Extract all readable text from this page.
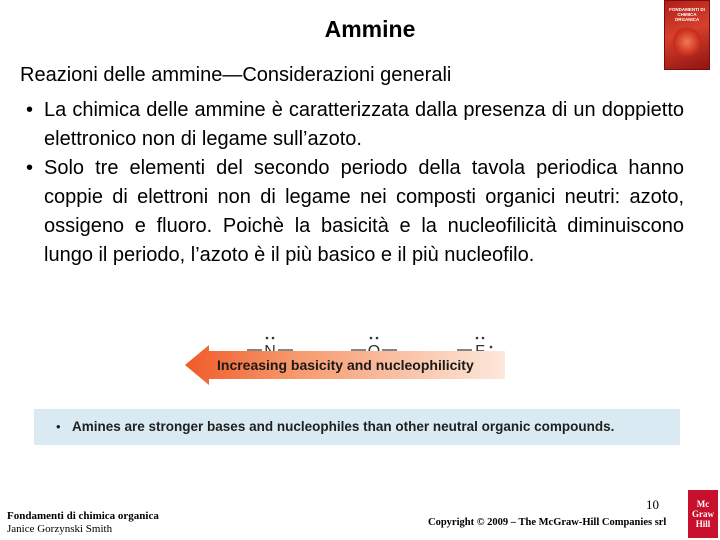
Ammine
FONDAMENTI DI CHIMICA ORGANICA
Reazioni delle ammine—Considerazioni generali
• La chimica delle ammine è caratterizzata dalla presenza di un doppietto elettronico non di legame sull’azoto.
• Solo tre elementi del secondo periodo della tavola periodica hanno coppie di elettroni non di legame nei composti organici neutri: azoto, ossigeno e fluoro. Poichè la basicità e la nucleofilicità diminuiscono lungo il periodo, l’azoto è il più basico e il più nucleofilo.
Increasing basicity and nucleophilicity
• Amines are stronger bases and nucleophiles than other neutral organic compounds.
Fondamenti di chimica organica
Janice Gorzynski Smith
10
Copyright © 2009 – The McGraw-Hill Companies srl
Mc
Graw
Hill
